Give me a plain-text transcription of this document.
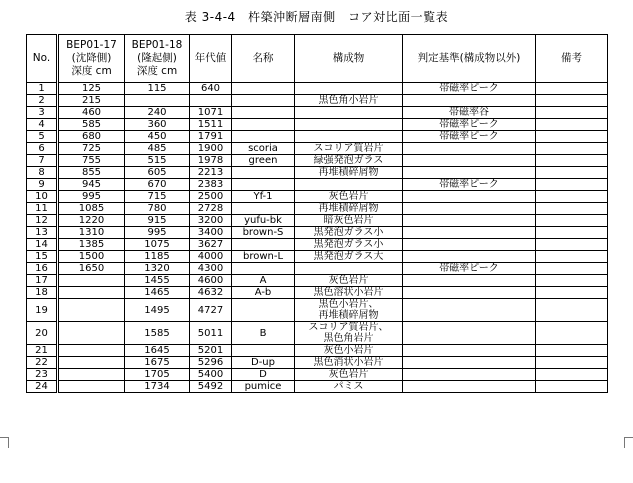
表 3-4-4　杵築沖断層南側　コア対比面一覧表
No.	BEP01-17
(沈降側)
深度 cm	BEP01-18
(隆起側)
深度 cm	年代値	名称	構成物	判定基準(構成物以外)	備考
1	125	115	640			帯磁率ピーク	
2	215				黒色角小岩片		
3	460	240	1071			帯磁率谷	
4	585	360	1511			帯磁率ピーク	
5	680	450	1791			帯磁率ピーク	
6	725	485	1900	scoria	スコリア質岩片		
7	755	515	1978	green	緑强発泡ガラス		
8	855	605	2213		再堆積碎屑物		
9	945	670	2383			帯磁率ピーク	
10	995	715	2500	Yf-1	灰色岩片		
11	1085	780	2728		再堆積碎屑物		
12	1220	915	3200	yufu-bk	暗灰色岩片		
13	1310	995	3400	brown-S	黒発泡ガラス小		
14	1385	1075	3627		黒発泡ガラス小		
15	1500	1185	4000	brown-L	黒発泡ガラス大		
16	1650	1320	4300			帯磁率ピーク	
17		1455	4600	A	灰色岩片		
18		1465	4632	A-b	黒色溶状小岩片		
19		1495	4727		黒色小岩片、
再堆積碎屑物		
20		1585	5011	B	スコリア質岩片、
黒色角岩片		
21		1645	5201		灰色小岩片		
22		1675	5296	D-up	黒色消状小岩片		
23		1705	5400	D	灰色岩片		
24		1734	5492	pumice	パミス		
